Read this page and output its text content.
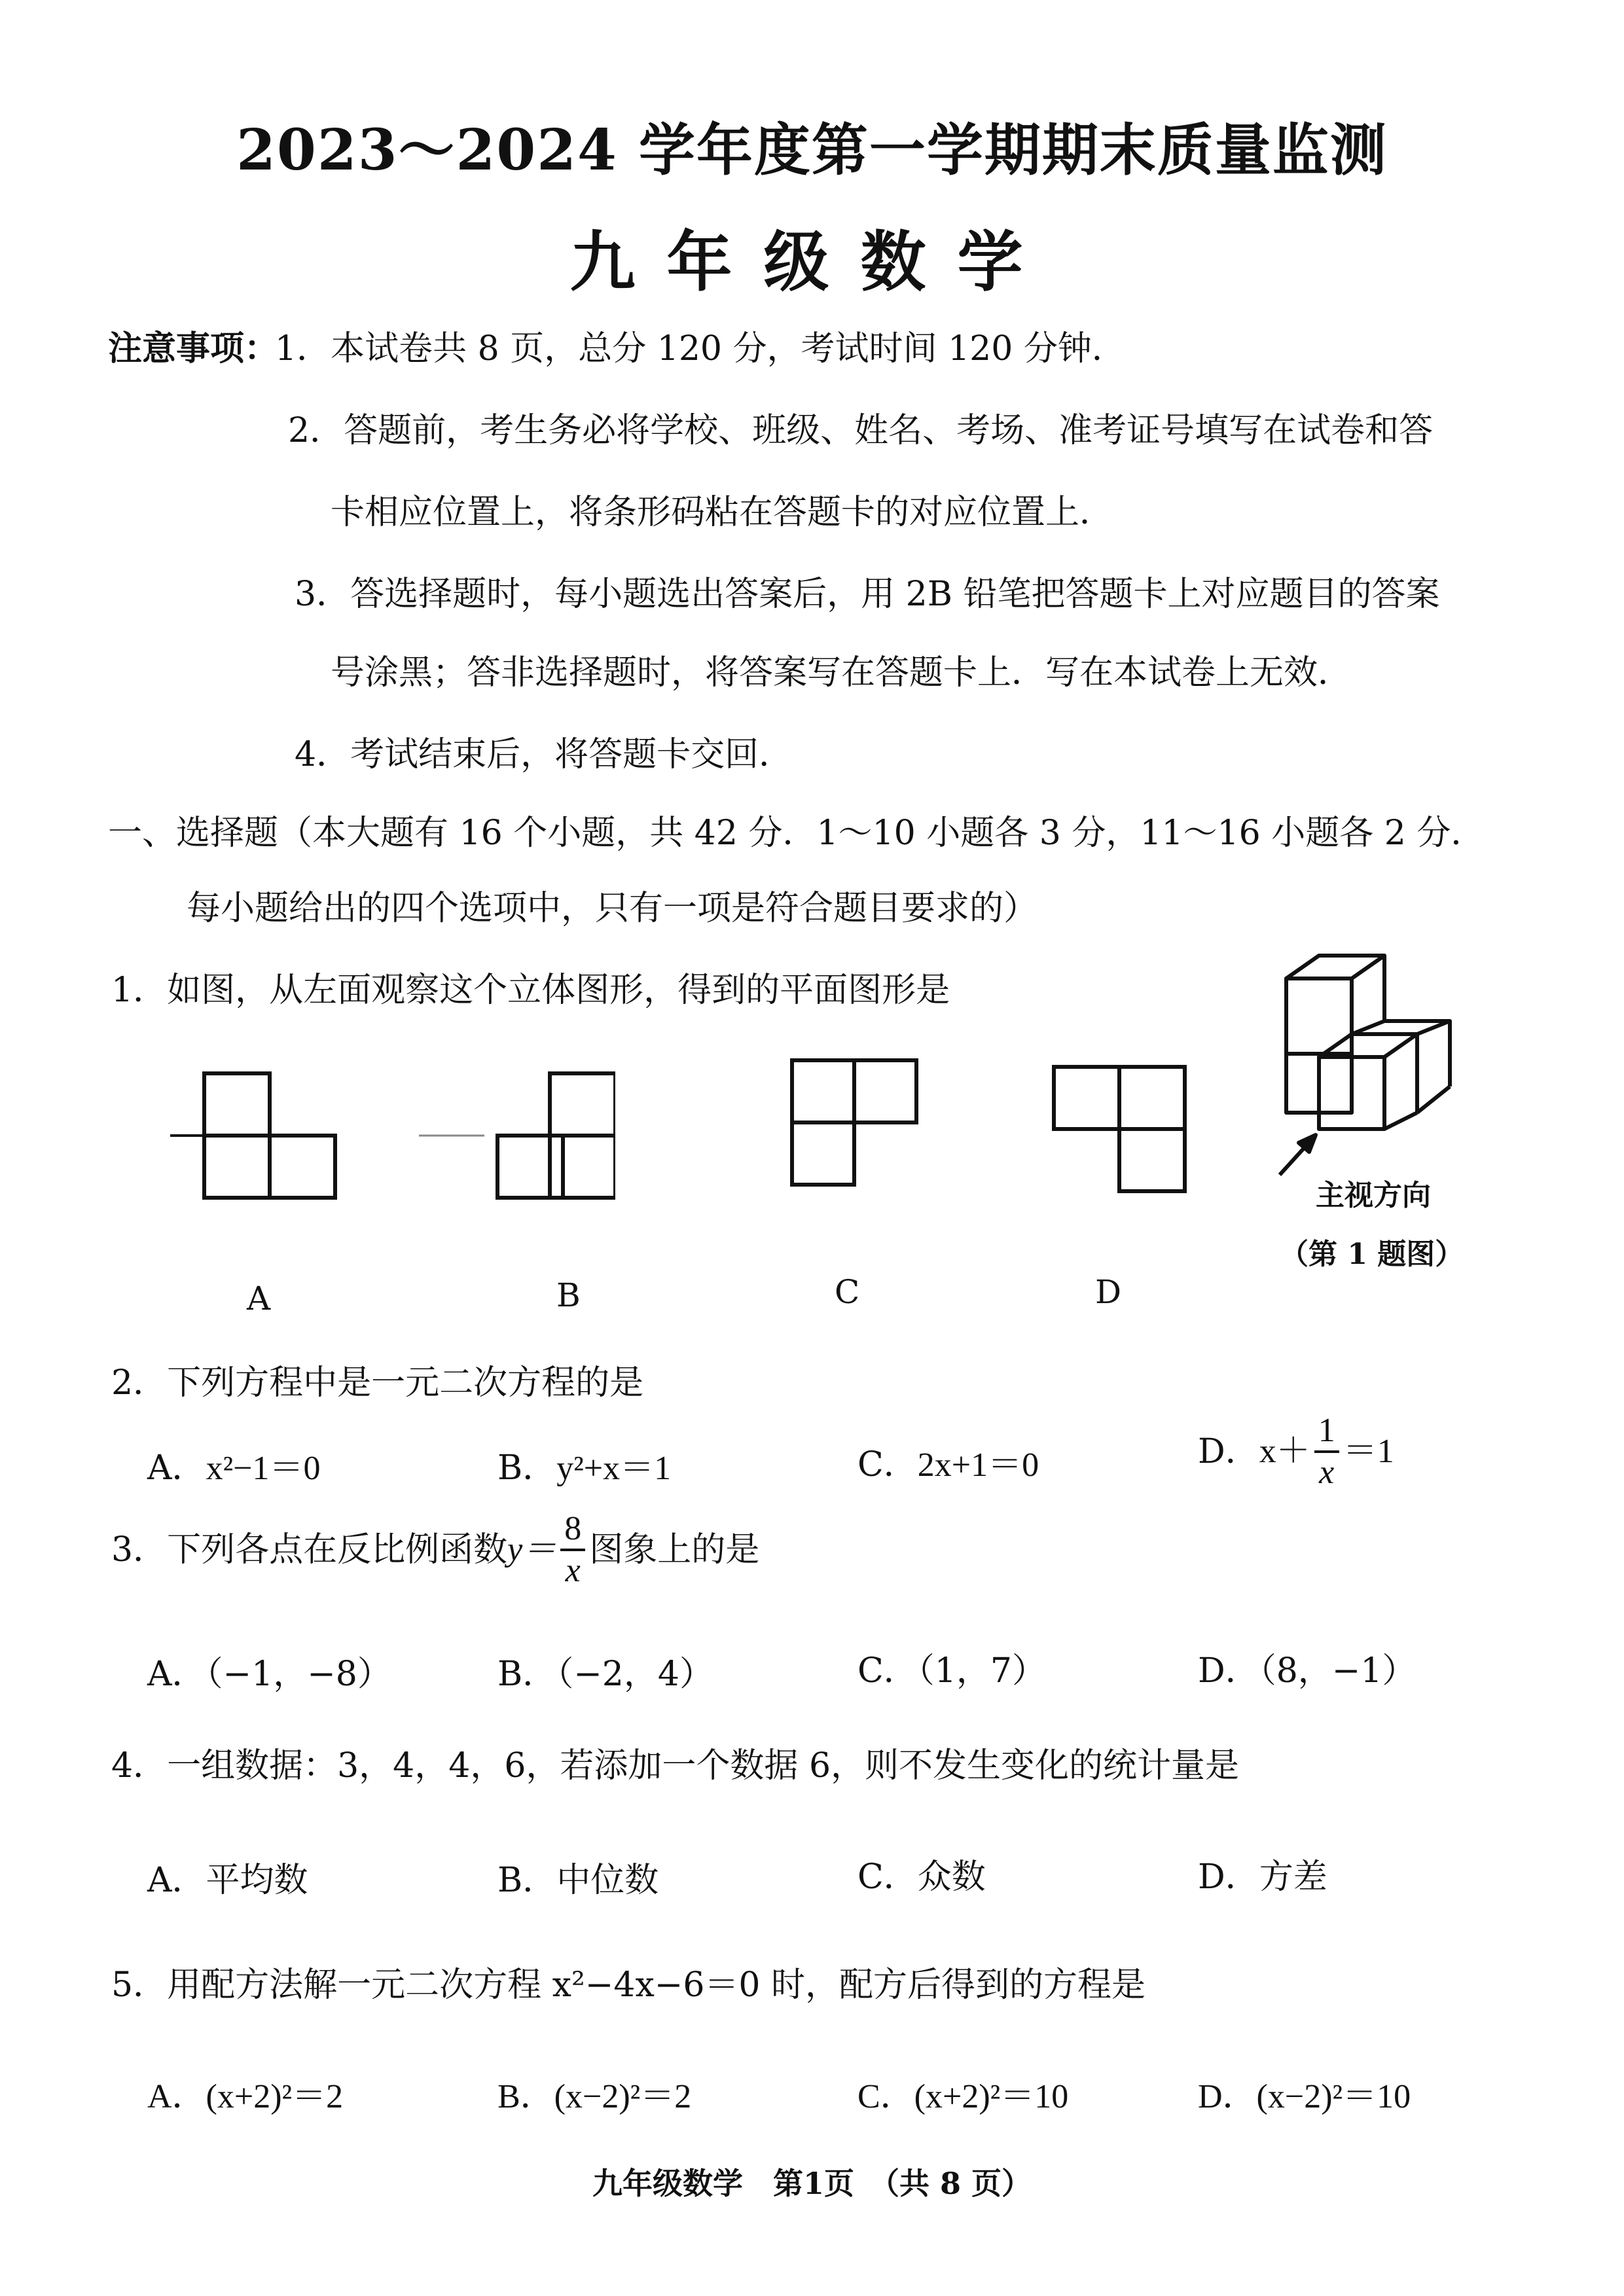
2023～2024 学年度第一学期期末质量监测
九年级数学
注意事项：
1．本试卷共 8 页，总分 120 分，考试时间 120 分钟．
2．答题前，考生务必将学校、班级、姓名、考场、准考证号填写在试卷和答
卡相应位置上，将条形码粘在答题卡的对应位置上．
3．答选择题时，每小题选出答案后，用 2B 铅笔把答题卡上对应题目的答案
号涂黑；答非选择题时，将答案写在答题卡上．写在本试卷上无效．
4．考试结束后，将答题卡交回．
一、选择题（本大题有 16 个小题，共 42 分．1～10 小题各 3 分，11～16 小题各 2 分．
每小题给出的四个选项中，只有一项是符合题目要求的）
1．如图，从左面观察这个立体图形，得到的平面图形是
A	B	C	D
主视方向
（第 1 题图）
2．下列方程中是一元二次方程的是
A．x²−1＝0	B．y²+x＝1	C．2x+1＝0	D．$x+ \frac{1}{x} =1$
3．下列各点在反比例函数$y= \frac{8}{x}$ 图象上的是
A．（−1，−8）	B．（−2，4）	C．（1，7）	D．（8，−1）
4．一组数据：3，4，4，6，若添加一个数据 6，则不发生变化的统计量是
A．平均数	B．中位数	C．众数	D．方差
5．用配方法解一元二次方程 x²−4x−6＝0 时，配方后得到的方程是
A．(x+2)²＝2	B．(x−2)²＝2	C．(x+2)²＝10	D．(x−2)²＝10
九年级数学　第1页　（共 8 页）
